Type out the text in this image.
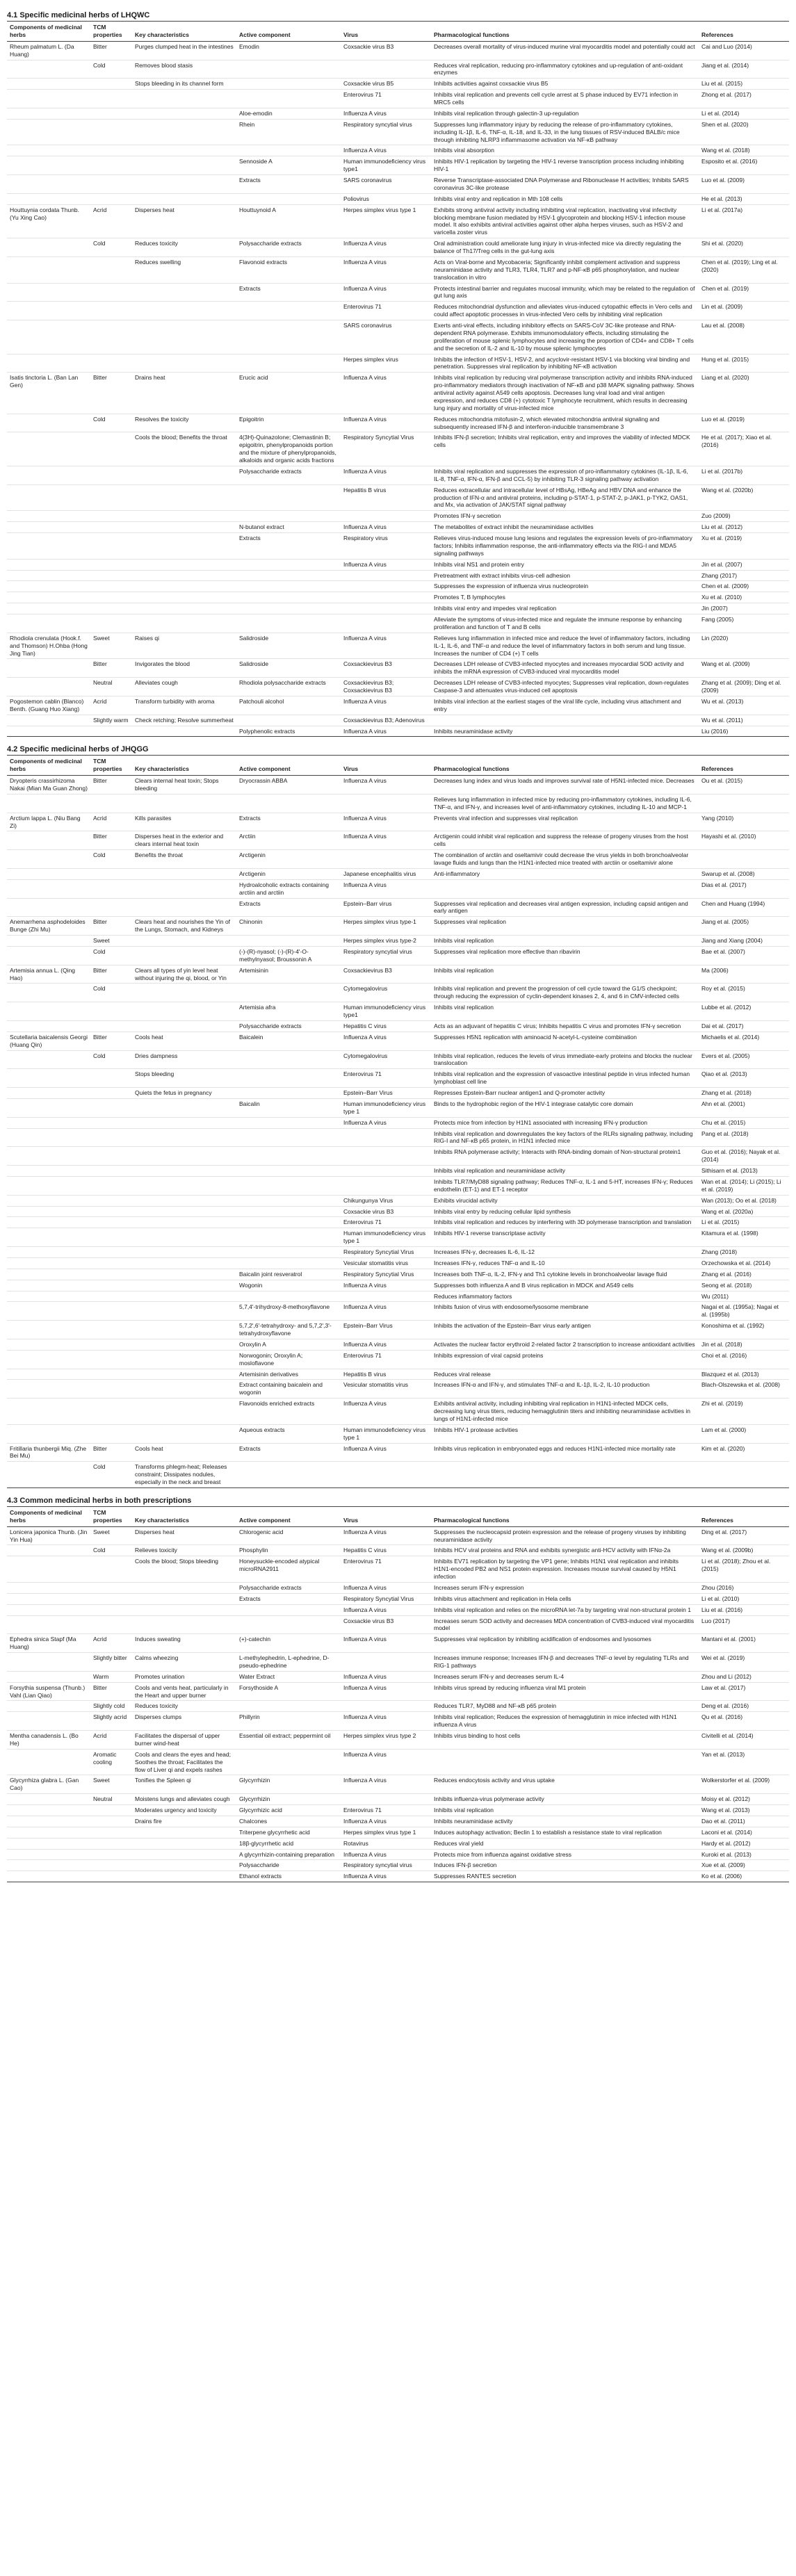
4.1 Specific medicinal herbs of LHQWC
Components of medicinal herbs	TCM properties	Key characteristics	Active component	Virus	Pharmacological functions	References
Rheum palmatum L. (Da Huang)	Bitter	Purges clumped heat in the intestines	Emodin	Coxsackie virus B3	Decreases overall mortality of virus-induced murine viral myocarditis model and potentially could act	Cai and Luo (2014)
	Cold	Removes blood stasis			Reduces viral replication, reducing pro-inflammatory cytokines and up-regulation of anti-oxidant enzymes	Jiang et al. (2014)
		Stops bleeding in its channel form		Coxsackie virus B5	Inhibits activities against coxsackie virus B5	Liu et al. (2015)
				Enterovirus 71	Inhibits viral replication and prevents cell cycle arrest at S phase induced by EV71 infection in MRC5 cells	Zhong et al. (2017)
			Aloe-emodin	Influenza A virus	Inhibits viral replication through galectin-3 up-regulation	Li et al. (2014)
			Rhein	Respiratory syncytial virus	Suppresses lung inflammatory injury by reducing the release of pro-inflammatory cytokines, including IL-1β, IL-6, TNF-α, IL-18, and IL-33, in the lung tissues of RSV-induced BALB/c mice through inhibiting NLRP3 inflammasome activation via NF-κB pathway	Shen et al. (2020)
				Influenza A virus	Inhibits viral absorption	Wang et al. (2018)
			Sennoside A	Human immunodeficiency virus type1	Inhibits HIV-1 replication by targeting the HIV-1 reverse transcription process including inhibiting HIV-1	Esposito et al. (2016)
			Extracts	SARS coronavirus	Reverse Transcriptase-associated DNA Polymerase and Ribonuclease H activities; Inhibits SARS coronavirus 3C-like protease	Luo et al. (2009)
				Poliovirus	Inhibits viral entry and replication in Mth 108 cells	He et al. (2013)
Houttuynia cordata Thunb.(Yu Xing Cao)	Acrid	Disperses heat	Houttuynoid A	Herpes simplex virus type 1	Exhibits strong antiviral activity including inhibiting viral replication, inactivating viral infectivity blocking membrane fusion mediated by HSV-1 glycoprotein and blocking HSV-1 infection mouse model. It also exhibits antiviral activities against other alpha herpes viruses, such as HSV-2 and varicella zoster virus	Li et al. (2017a)
	Cold	Reduces toxicity	Polysaccharide extracts	Influenza A virus	Oral administration could ameliorate lung injury in virus-infected mice via directly regulating the balance of Th17/Treg cells in the gut-lung axis	Shi et al. (2020)
		Reduces swelling	Flavonoid extracts	Influenza A virus	Acts on Viral-borne and Mycobaceria; Significantly inhibit complement activation and suppress neuraminidase activity and TLR3, TLR4, TLR7 and p-NF-κB p65 phosphorylation, and nuclear translocation in vitro	Chen et al. (2019); Ling et al. (2020)
			Extracts	Influenza A virus	Protects intestinal barrier and regulates mucosal immunity, which may be related to the regulation of gut lung axis	Chen et al. (2019)
				Enterovirus 71	Reduces mitochondrial dysfunction and alleviates virus-induced cytopathic effects in Vero cells and could affect apoptotic processes in virus-infected Vero cells by inhibiting viral replication	Lin et al. (2009)
				SARS coronavirus	Exerts anti-viral effects, including inhibitory effects on SARS-CoV 3C-like protease and RNA-dependent RNA polymerase. Exhibits immunomodulatory effects, including stimulating the proliferation of mouse splenic lymphocytes and increasing the proportion of CD4+ and CD8+ T cells and the secretion of IL-2 and IL-10 by mouse splenic lymphocytes	Lau et al. (2008)
				Herpes simplex virus	Inhibits the infection of HSV-1, HSV-2, and acyclovir-resistant HSV-1 via blocking viral binding and penetration. Suppresses viral replication by inhibiting NF-κB activation	Hung et al. (2015)
Isatis tinctoria L. (Ban Lan Gen)	Bitter	Drains heat	Erucic acid	Influenza A virus	Inhibits viral replication by reducing viral polymerase transcription activity and inhibits RNA-induced pro-inflammatory mediators through inactivation of NF-κB and p38 MAPK signaling pathway. Shows antiviral activity against A549 cells apoptosis. Decreases lung viral load and viral antigen expression, and reduces CD8 (+) cytotoxic T lymphocyte recruitment, which results in decreasing lung injury and mortality of virus-infected mice	Liang et al. (2020)
	Cold	Resolves the toxicity	Epigoitrin	Influenza A virus	Reduces mitochondria mitofusin-2, which elevated mitochondria antiviral signaling and subsequently increased IFN-β and interferon-inducible transmembrane 3	Luo et al. (2019)
		Cools the blood; Benefits the throat	4(3H)-Quinazolone; Clemastinin B; epigoitrin, phenylpropanoids portion and the mixture of phenylpropanoids, alkaloids and organic acids fractions	Respiratory Syncytial Virus	Inhibits IFN-β secretion; Inhibits viral replication, entry and improves the viability of infected MDCK cells	He et al. (2017); Xiao et al. (2016)
			Polysaccharide extracts	Influenza A virus	Inhibits viral replication and suppresses the expression of pro-inflammatory cytokines (IL-1β, IL-6, IL-8, TNF-α, IFN-α, IFN-β and CCL-5) by inhibiting TLR-3 signaling pathway activation	Li et al. (2017b)
				Hepatitis B virus	Reduces extracellular and intracellular level of HBsAg, HBeAg and HBV DNA and enhance the production of IFN-α and antiviral proteins, including p-STAT-1, p-STAT-2, p-JAK1, p-TYK2, OAS1, and Mx, via activation of JAK/STAT signal pathway	Wang et al. (2020b)
					Promotes IFN-γ secretion	Zuo (2009)
			N-butanol extract	Influenza A virus	The metabolites of extract inhibit the neuraminidase activities	Liu et al. (2012)
			Extracts	Respiratory virus	Relieves virus-induced mouse lung lesions and regulates the expression levels of pro-inflammatory factors; Inhibits inflammation response, the anti-inflammatory effects via the RIG-I and MDA5 signaling pathways	Xu et al. (2019)
				Influenza A virus	Inhibits viral NS1 and protein entry	Jin et al. (2007)
					Pretreatment with extract inhibits virus-cell adhesion	Zhang (2017)
					Suppresses the expression of influenza virus nucleoprotein	Chen et al. (2009)
					Promotes T, B lymphocytes	Xu et al. (2010)
					Inhibits viral entry and impedes viral replication	Jin (2007)
					Alleviate the symptoms of virus-infected mice and regulate the immune response by enhancing proliferation and function of T and B cells	Fang (2005)
Rhodiola crenulata (Hook.f. and Thomson) H.Ohba (Hong Jing Tian)	Sweet	Raises qi	Salidroside	Influenza A virus	Relieves lung inflammation in infected mice and reduce the level of inflammatory factors, including IL-1, IL-6, and TNF-α and reduce the level of inflammatory factors in both serum and lung tissue. Increases the number of CD4 (+) T cells	Lin (2020)
	Bitter	Invigorates the blood	Salidroside	Coxsackievirus B3	Decreases LDH release of CVB3-infected myocytes and increases myocardial SOD activity and inhibits the mRNA expression of CVB3-induced viral myocarditis model	Wang et al. (2009)
	Neutral	Alleviates cough	Rhodiola polysaccharide extracts	Coxsackievirus B3; Coxsackievirus B3	Decreases LDH release of CVB3-infected myocytes; Suppresses viral replication, down-regulates Caspase-3 and attenuates virus-induced cell apoptosis	Zhang et al. (2009); Ding et al. (2009)
Pogostemon cablin (Blanco) Benth. (Guang Huo Xiang)	Acrid	Transform turbidity with aroma	Patchouli alcohol	Influenza A virus	Inhibits viral infection at the earliest stages of the viral life cycle, including virus attachment and entry	Wu et al. (2013)
	Slightly warm	Check retching; Resolve summerheat		Coxsackievirus B3; Adenovirus		Wu et al. (2011)
			Polyphenolic extracts	Influenza A virus	Inhibits neuraminidase activity	Liu (2016)
4.2 Specific medicinal herbs of JHQGG
Components of medicinal herbs	TCM properties	Key characteristics	Active component	Virus	Pharmacological functions	References
Dryopteris crassirhizoma Nakai (Mian Ma Guan Zhong)	Bitter	Clears internal heat toxin; Stops bleeding	Dryocrassin ABBA	Influenza A virus	Decreases lung index and virus loads and improves survival rate of H5N1-infected mice. Decreases	Ou et al. (2015)
					Relieves lung inflammation in infected mice by reducing pro-inflammatory cytokines, including IL-6, TNF-α, and IFN-γ, and increases level of anti-inflammatory cytokines, including IL-10 and MCP-1	
Arctium lappa L. (Niu Bang Zi)	Acrid	Kills parasites	Extracts	Influenza A virus	Prevents viral infection and suppresses viral replication	Yang (2010)
	Bitter	Disperses heat in the exterior and clears internal heat toxin	Arctiin	Influenza A virus	Arctigenin could inhibit viral replication and suppress the release of progeny viruses from the host cells	Hayashi et al. (2010)
	Cold	Benefits the throat	Arctigenin		The combination of arctiin and oseltamivir could decrease the virus yields in both bronchoalveolar lavage fluids and lungs than the H1N1-infected mice treated with arctiin or oseltamivir alone	
			Arctigenin	Japanese encephalitis virus	Anti-inflammatory	Swarup et al. (2008)
			Hydroalcoholic extracts containing arctiin and arctiin	Influenza A virus		Dias et al. (2017)
			Extracts	Epstein–Barr virus	Suppresses viral replication and decreases viral antigen expression, including capsid antigen and early antigen	Chen and Huang (1994)
Anemarrhena asphodeloides Bunge (Zhi Mu)	Bitter	Clears heat and nourishes the Yin of the Lungs, Stomach, and Kidneys	Chinonin	Herpes simplex virus type-1	Suppresses viral replication	Jiang et al. (2005)
	Sweet			Herpes simplex virus type-2	Inhibits viral replication	Jiang and Xiang (2004)
	Cold		(-)-(R)-nyasol; (-)-(R)-4'-O-methylnyasol; Broussonin A	Respiratory syncytial virus	Suppresses viral replication more effective than ribavirin	Bae et al. (2007)
Artemisia annua L. (Qing Hao)	Bitter	Clears all types of yin level heat without injuring the qi, blood, or Yin	Artemisinin	Coxsackievirus B3	Inhibits viral replication	Ma (2006)
	Cold			Cytomegalovirus	Inhibits viral replication and prevent the progression of cell cycle toward the G1/S checkpoint; through reducing the expression of cyclin-dependent kinases 2, 4, and 6 in CMV-infected cells	Roy et al. (2015)
			Artemisia afra	Human immunodeficiency virus type1	Inhibits viral replication	Lubbe et al. (2012)
			Polysaccharide extracts	Hepatitis C virus	Acts as an adjuvant of hepatitis C virus; Inhibits hepatitis C virus and promotes IFN-γ secretion	Dai et al. (2017)
Scutellaria baicalensis Georgi (Huang Qin)	Bitter	Cools heat	Baicalein	Influenza A virus	Suppresses H5N1 replication with aminoacid N-acetyl-L-cysteine combination	Michaelis et al. (2014)
	Cold	Dries dampness		Cytomegalovirus	Inhibits viral replication, reduces the levels of virus immediate-early proteins and blocks the nuclear translocation	Evers et al. (2005)
		Stops bleeding		Enterovirus 71	Inhibits viral replication and the expression of vasoactive intestinal peptide in virus infected human lymphoblast cell line	Qiao et al. (2013)
		Quiets the fetus in pregnancy		Epstein–Barr Virus	Represses Epstein-Barr nuclear antigen1 and Q-promoter activity	Zhang et al. (2018)
			Baicalin	Human immunodeficiency virus type 1	Binds to the hydrophobic region of the HIV-1 integrase catalytic core domain	Ahn et al. (2001)
				Influenza A virus	Protects mice from infection by H1N1 associated with increasing IFN-γ production	Chu et al. (2015)
					Inhibits viral replication and downregulates the key factors of the RLRs signaling pathway, including RIG-I and NF-κB p65 protein, in H1N1 infected mice	Pang et al. (2018)
					Inhibits RNA polymerase activity; Interacts with RNA-binding domain of Non-structural protein1	Guo et al. (2016); Nayak et al. (2014)
					Inhibits viral replication and neuraminidase activity	Sithisarn et al. (2013)
					Inhibits TLR7/MyD88 signaling pathway; Reduces TNF-α, IL-1 and 5-HT, increases IFN-γ; Reduces endothelin (ET-1) and ET-1 receptor	Wan et al. (2014); Li (2015); Li et al. (2019)
				Chikungunya Virus	Exhibits virucidal activity	Wan (2013); Oo et al. (2018)
				Coxsackie virus B3	Inhibits viral entry by reducing cellular lipid synthesis	Wang et al. (2020a)
				Enterovirus 71	Inhibits viral replication and reduces by interfering with 3D polymerase transcription and translation	Li et al. (2015)
				Human immunodeficiency virus type 1	Inhibits HIV-1 reverse transcriptase activity	Kitamura et al. (1998)
				Respiratory Syncytial Virus	Increases IFN-γ, decreases IL-6, IL-12	Zhang (2018)
				Vesicular stomatitis virus	Increases IFN-γ, reduces TNF-α and IL-10	Orzechowska et al. (2014)
			Baicalin joint resveratrol	Respiratory Syncytial Virus	Increases both TNF-α, IL-2, IFN-γ and Th1 cytokine levels in bronchoalveolar lavage fluid	Zhang et al. (2016)
			Wogonin	Influenza A virus	Suppresses both influenza A and B virus replication in MDCK and A549 cells	Seong et al. (2018)
					Reduces inflammatory factors	Wu (2011)
			5,7,4'-trihydroxy-8-methoxyflavone	Influenza A virus	Inhibits fusion of virus with endosome/lysosome membrane	Nagai et al. (1995a); Nagai et al. (1995b)
			5,7,2',6'-tetrahydroxy- and 5,7,2',3'-tetrahydroxyflavone	Epstein–Barr Virus	Inhibits the activation of the Epstein–Barr virus early antigen	Konoshima et al. (1992)
			Oroxylin A	Influenza A virus	Activates the nuclear factor erythroid 2-related factor 2 transcription to increase antioxidant activities	Jin et al. (2018)
			Norwogonin; Oroxylin A; mosloflavone	Enterovirus 71	Inhibits expression of viral capsid proteins	Choi et al. (2016)
			Artemisinin derivatives	Hepatitis B virus	Reduces viral release	Blazquez et al. (2013)
			Extract containing baicalein and wogonin	Vesicular stomatitis virus	Increases IFN-α and IFN-γ, and stimulates TNF-α and IL-1β, IL-2, IL-10 production	Blach-Olszewska et al. (2008)
			Flavonoids enriched extracts	Influenza A virus	Exhibits antiviral activity, including inhibiting viral replication in H1N1-infected MDCK cells, decreasing lung virus titers, reducing hemagglutinin titers and inhibiting neuraminidase activities in lungs of H1N1-infected mice	Zhi et al. (2019)
			Aqueous extracts	Human immunodeficiency virus type 1	Inhibits HIV-1 protease activities	Lam et al. (2000)
Fritillaria thunbergii Miq. (Zhe Bei Mu)	Bitter	Cools heat	Extracts	Influenza A virus	Inhibits virus replication in embryonated eggs and reduces H1N1-infected mice mortality rate	Kim et al. (2020)
	Cold	Transforms phlegm-heat; Releases constraint; Dissipates nodules, especially in the neck and breast				
4.3 Common medicinal herbs in both prescriptions
Components of medicinal herbs	TCM properties	Key characteristics	Active component	Virus	Pharmacological functions	References
Lonicera japonica Thunb. (Jin Yin Hua)	Sweet	Disperses heat	Chlorogenic acid	Influenza A virus	Suppresses the nucleocapsid protein expression and the release of progeny viruses by inhibiting neuraminidase activity	Ding et al. (2017)
	Cold	Relieves toxicity	Phosphylin	Hepatitis C virus	Inhibits HCV viral proteins and RNA and exhibits synergistic anti-HCV activity with IFNα-2a	Wang et al. (2009b)
		Cools the blood; Stops bleeding	Honeysuckle-encoded atypical microRNA2911	Enterovirus 71	Inhibits EV71 replication by targeting the VP1 gene; Inhibits H1N1 viral replication and inhibits H1N1-encoded PB2 and NS1 protein expression. Increases mouse survival caused by H5N1 infection	Li et al. (2018); Zhou et al. (2015)
			Polysaccharide extracts	Influenza A virus	Increases serum IFN-γ expression	Zhou (2016)
			Extracts	Respiratory Syncytial Virus	Inhibits virus attachment and replication in Hela cells	Li et al. (2010)
				Influenza A virus	Inhibits viral replication and relies on the microRNA let-7a by targeting viral non-structural protein 1	Liu et al. (2016)
				Coxsackie virus B3	Increases serum SOD activity and decreases MDA concentration of CVB3-induced viral myocarditis model	Luo (2017)
Ephedra sinica Stapf (Ma Huang)	Acrid	Induces sweating	(+)-catechin	Influenza A virus	Suppresses viral replication by inhibiting acidification of endosomes and lysosomes	Mantani et al. (2001)
	Slightly bitter	Calms wheezing	L-methylephedrin, L-ephedrine, D-pseudo-ephedrine		Increases immune response; Increases IFN-β and decreases TNF-α level by regulating TLRs and RIG-1 pathways	Wei et al. (2019)
	Warm	Promotes urination	Water Extract	Influenza A virus	Increases serum IFN-γ and decreases serum IL-4	Zhou and Li (2012)
Forsythia suspensa (Thunb.) Vahl (Lian Qiao)	Bitter	Cools and vents heat, particularly in the Heart and upper burner	Forsythoside A	Influenza A virus	Inhibits virus spread by reducing influenza viral M1 protein	Law et al. (2017)
	Slightly cold	Reduces toxicity			Reduces TLR7, MyD88 and NF-κB p65 protein	Deng et al. (2016)
	Slightly acrid	Disperses clumps	Phillyrin	Influenza A virus	Inhibits viral replication; Reduces the expression of hemagglutinin in mice infected with H1N1 influenza A virus	Qu et al. (2016)
Mentha canadensis L. (Bo He)	Acrid	Facilitates the dispersal of upper burner wind-heat	Essential oil extract; peppermint oil	Herpes simplex virus type 2	Inhibits virus binding to host cells	Civitelli et al. (2014)
	Aromatic cooling	Cools and clears the eyes and head; Soothes the throat; Facilitates the flow of Liver qi and expels rashes		Influenza A virus		Yan et al. (2013)
Glycyrrhiza glabra L. (Gan Cao)	Sweet	Tonifies the Spleen qi	Glycyrrhizin	Influenza A virus	Reduces endocytosis activity and virus uptake	Wolkerstorfer et al. (2009)
	Neutral	Moistens lungs and alleviates cough	Glycyrrhizin		Inhibits influenza-virus polymerase activity	Moisy et al. (2012)
		Moderates urgency and toxicity	Glycyrrhizic acid	Enterovirus 71	Inhibits viral replication	Wang et al. (2013)
		Drains fire	Chalcones	Influenza A virus	Inhibits neuraminidase activity	Dao et al. (2011)
			Triterpene glycyrrhetic acid	Herpes simplex virus type 1	Induces autophagy activation; Beclin 1 to establish a resistance state to viral replication	Laconi et al. (2014)
			18β-glycyrrhetic acid	Rotavirus	Reduces viral yield	Hardy et al. (2012)
			A glycyrrhizin-containing preparation	Influenza A virus	Protects mice from influenza against oxidative stress	Kuroki et al. (2013)
			Polysaccharide	Respiratory syncytial virus	Induces IFN-β secretion	Xue et al. (2009)
			Ethanol extracts	Influenza A virus	Suppresses RANTES secretion	Ko et al. (2006)
